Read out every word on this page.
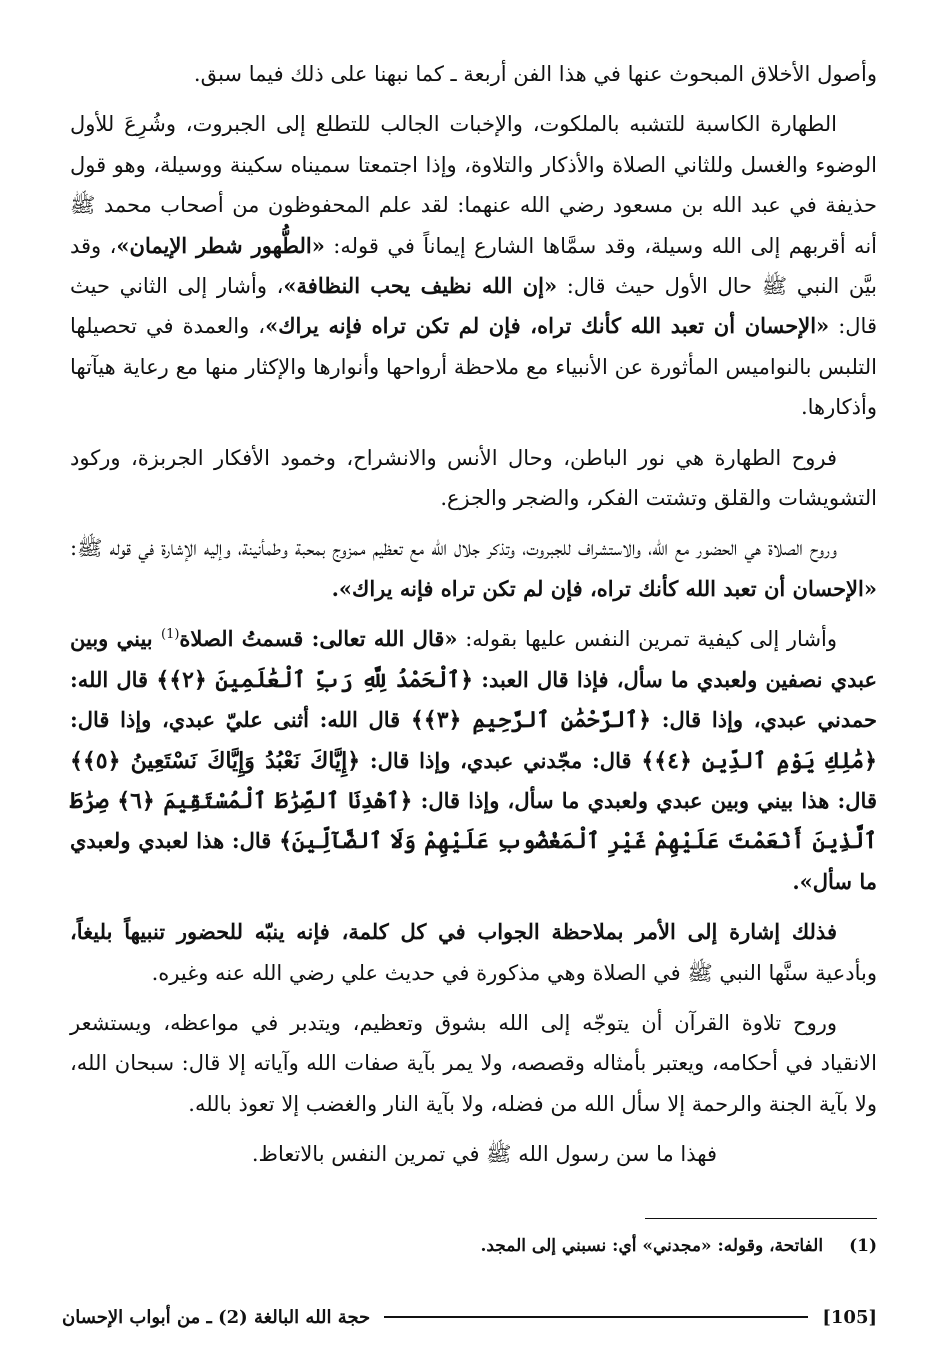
وأصول الأخلاق المبحوث عنها في هذا الفن أربعة ـ كما نبهنا على ذلك فيما سبق.

الطهارة الكاسبة للتشبه بالملكوت، والإخبات الجالب للتطلع إلى الجبروت، وشُرِعَ للأول الوضوء والغسل وللثاني الصلاة والأذكار والتلاوة، وإذا اجتمعتا سميناه سكينة ووسيلة، وهو قول حذيفة في عبد الله بن مسعود رضي الله عنهما: لقد علم المحفوظون من أصحاب محمد ﷺ أنه أقربهم إلى الله وسيلة، وقد سمَّاها الشارع إيماناً في قوله: «الطُّهور شطر الإيمان»، وقد بيَّن النبي ﷺ حال الأول حيث قال: «إن الله نظيف يحب النظافة»، وأشار إلى الثاني حيث قال: «الإحسان أن تعبد الله كأنك تراه، فإن لم تكن تراه فإنه يراك»، والعمدة في تحصيلها التلبس بالنواميس المأثورة عن الأنبياء مع ملاحظة أرواحها وأنوارها والإكثار منها مع رعاية هيآتها وأذكارها.

فروح الطهارة هي نور الباطن، وحال الأنس والانشراح، وخمود الأفكار الجربزة، وركود التشويشات والقلق وتشتت الفكر، والضجر والجزع.

وروح الصلاة هي الحضور مع الله، والاستشراف للجبروت، وتذكر جلال الله مع تعظيم ممزوج بمحبة وطمأنينة، وإليه الإشارة في قوله ﷺ: «الإحسان أن تعبد الله كأنك تراه، فإن لم تكن تراه فإنه يراك».

وأشار إلى كيفية تمرين النفس عليها بقوله: «قال الله تعالى: قسمتُ الصلاة$^{(1)}$ بيني وبين عبدي نصفين ولعبدي ما سأل، فإذا قال العبد: ﴿ٱلْحَمْدُ لِلَّهِ رَبِّ ٱلْعَٰلَمِينَ ﴿٢﴾﴾ قال الله: حمدني عبدي، وإذا قال: ﴿ٱلرَّحْمَٰنِ ٱلرَّحِيمِ ﴿٣﴾﴾ قال الله: أثنى عليّ عبدي، وإذا قال: ﴿مَٰلِكِ يَوْمِ ٱلدِّينِ ﴿٤﴾﴾ قال: مجّدني عبدي، وإذا قال: ﴿إِيَّاكَ نَعْبُدُ وَإِيَّاكَ نَسْتَعِينُ ﴿٥﴾﴾ قال: هذا بيني وبين عبدي ولعبدي ما سأل، وإذا قال: ﴿ٱهْدِنَا ٱلصِّرَٰطَ ٱلْمُسْتَقِيمَ ﴿٦﴾ صِرَٰطَ ٱلَّذِينَ أَنْعَمْتَ عَلَيْهِمْ غَيْرِ ٱلْمَغْضُوبِ عَلَيْهِمْ وَلَا ٱلضَّآلِّينَ﴾ قال: هذا لعبدي ولعبدي ما سأل».

فذلك إشارة إلى الأمر بملاحظة الجواب في كل كلمة، فإنه ينبّه للحضور تنبيهاً بليغاً، وبأدعية سنَّها النبي ﷺ في الصلاة وهي مذكورة في حديث علي رضي الله عنه وغيره.

وروح تلاوة القرآن أن يتوجّه إلى الله بشوق وتعظيم، ويتدبر في مواعظه، ويستشعر الانقياد في أحكامه، ويعتبر بأمثاله وقصصه، ولا يمر بآية صفات الله وآياته إلا قال: سبحان الله، ولا بآية الجنة والرحمة إلا سأل الله من فضله، ولا بآية النار والغضب إلا تعوذ بالله.

فهذا ما سن رسول الله ﷺ في تمرين النفس بالاتعاظ.

(1)الفاتحة، وقوله: «مجدني» أي: نسبني إلى المجد.
[105]
حجة الله البالغة (2) ـ من أبواب الإحسان
